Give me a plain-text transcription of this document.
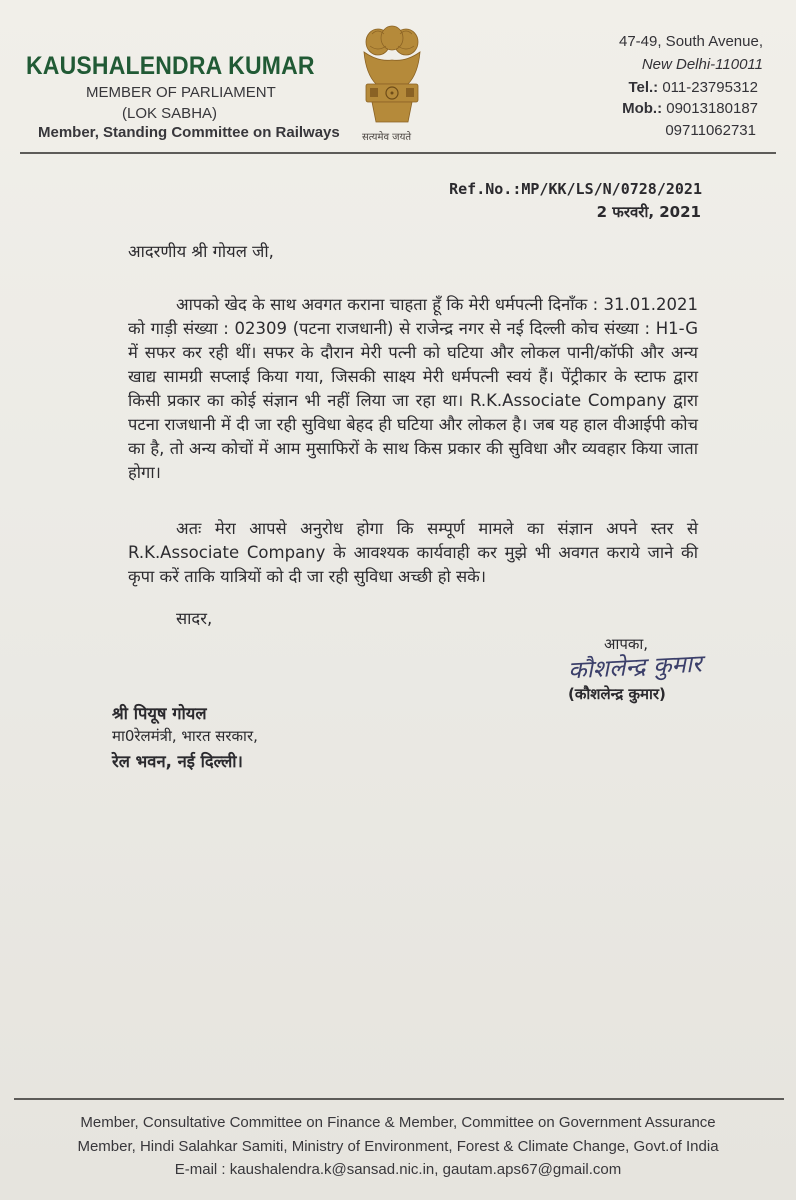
KAUSHALENDRA KUMAR
MEMBER OF PARLIAMENT
(LOK SABHA)
Member, Standing Committee on Railways सत्यमेव जयते
47-49, South Avenue,
New Delhi-110011
Tel.: 011-23795312
Mob.: 09013180187
09711062731
Ref.No.:MP/KK/LS/N/0728/2021
2 फरवरी, 2021
आदरणीय श्री गोयल जी,
आपको खेद के साथ अवगत कराना चाहता हूँ कि मेरी धर्मपत्नी दिनाँक : 31.01.2021 को गाड़ी संख्या : 02309 (पटना राजधानी) से राजेन्द्र नगर से नई दिल्ली कोच संख्या : H1-G में सफर कर रही थीं। सफर के दौरान मेरी पत्नी को घटिया और लोकल पानी/कॉफी और अन्य खाद्य सामग्री सप्लाई किया गया, जिसकी साक्ष्य मेरी धर्मपत्नी स्वयं हैं। पेंट्रीकार के स्टाफ द्वारा किसी प्रकार का कोई संज्ञान भी नहीं लिया जा रहा था। R.K.Associate Company द्वारा पटना राजधानी में दी जा रही सुविधा बेहद ही घटिया और लोकल है। जब यह हाल वीआईपी कोच का है, तो अन्य कोचों में आम मुसाफिरों के साथ किस प्रकार की सुविधा और व्यवहार किया जाता होगा।
अतः मेरा आपसे अनुरोध होगा कि सम्पूर्ण मामले का संज्ञान अपने स्तर से R.K.Associate Company के आवश्यक कार्यवाही कर मुझे भी अवगत कराये जाने की कृपा करें ताकि यात्रियों को दी जा रही सुविधा अच्छी हो सके।
सादर,
आपका,
कौशलेन्द्र कुमार
(कौशलेन्द्र कुमार)
श्री पियूष गोयल
मा0रेलमंत्री, भारत सरकार,
रेल भवन, नई दिल्ली।
Member, Consultative Committee on Finance & Member, Committee on Government Assurance
Member, Hindi Salahkar Samiti, Ministry of Environment, Forest & Climate Change, Govt.of India
E-mail : kaushalendra.k@sansad.nic.in, gautam.aps67@gmail.com
